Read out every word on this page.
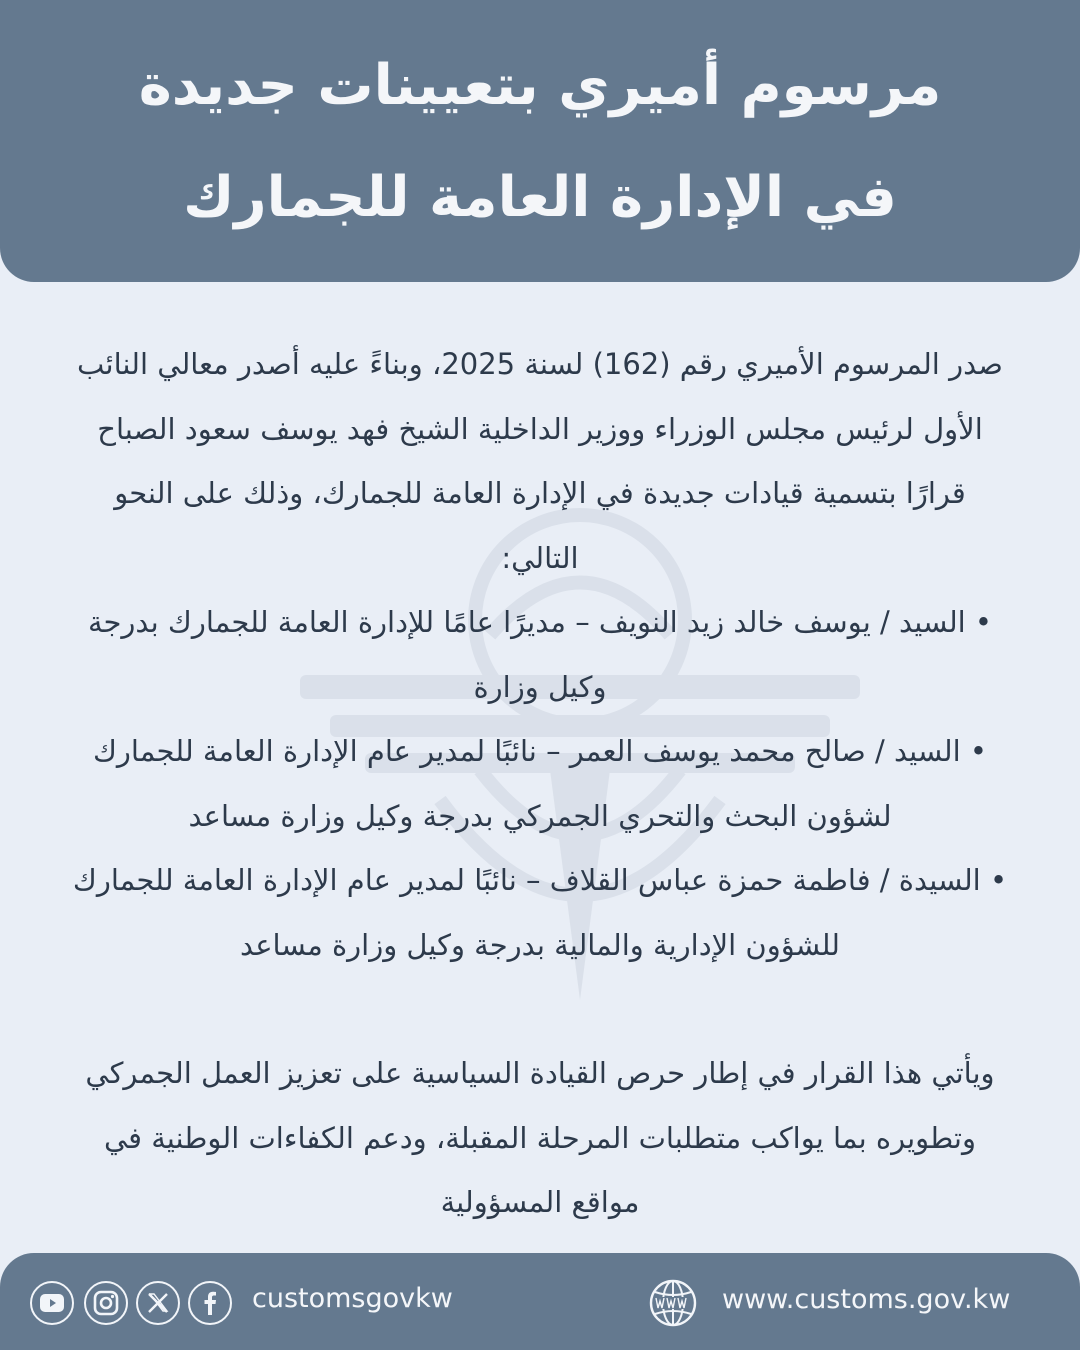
مرسوم أميري بتعيينات جديدة
في الإدارة العامة للجمارك

صدر المرسوم الأميري رقم (162) لسنة 2025، وبناءً عليه أصدر معالي النائب الأول لرئيس مجلس الوزراء ووزير الداخلية الشيخ فهد يوسف سعود الصباح قرارًا بتسمية قيادات جديدة في الإدارة العامة للجمارك، وذلك على النحو التالي:

• السيد / يوسف خالد زيد النويف – مديرًا عامًا للإدارة العامة للجمارك بدرجة وكيل وزارة

• السيد / صالح محمد يوسف العمر – نائبًا لمدير عام الإدارة العامة للجمارك لشؤون البحث والتحري الجمركي بدرجة وكيل وزارة مساعد

• السيدة / فاطمة حمزة عباس القلاف – نائبًا لمدير عام الإدارة العامة للجمارك للشؤون الإدارية والمالية بدرجة وكيل وزارة مساعد

ويأتي هذا القرار في إطار حرص القيادة السياسية على تعزيز العمل الجمركي وتطويره بما يواكب متطلبات المرحلة المقبلة، ودعم الكفاءات الوطنية في مواقع المسؤولية

customsgovkw	www.customs.gov.kw
